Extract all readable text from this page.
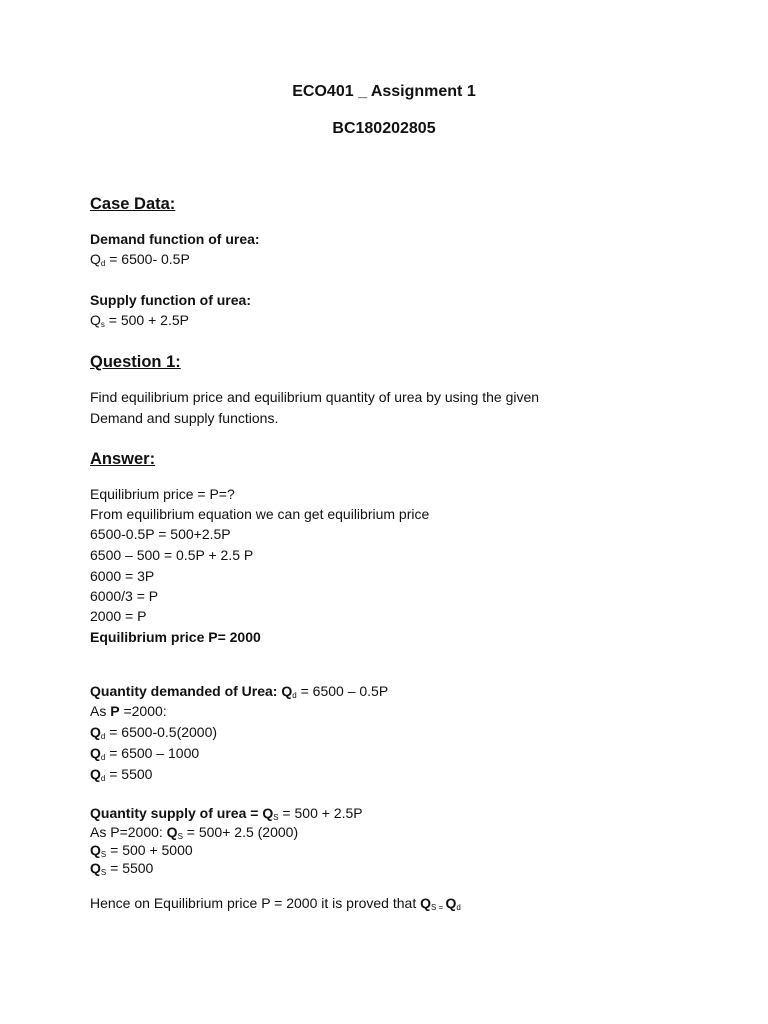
ECO401 _ Assignment 1
BC180202805
Case Data:
Demand function of urea:
$Q_d = 6500-$ 0.5P
Supply function of urea:
$Q_s = 500 + 2.5P$
Question 1:
Find equilibrium price and equilibrium quantity of urea by using the given
Demand and supply functions.
Answer:
Equilibrium price = P=?
From equilibrium equation we can get equilibrium price
6500-0.5P = 500+2.5P
6500 – 500 = 0.5P + 2.5 P
6000 = 3P
6000/3 = P
2000 = P
Equilibrium price P= 2000
Quantity demanded of Urea: $Q_d = 6500 - 0.5P$
As P =2000:
$Q_d = 6500-0.5(2000)$
$Q_d = 6500 - 1000$
$Q_d = 5500$
Quantity supply of urea = $Q_S = 500 + 2.5P$
As P=2000: $Q_S = 500+ 2.5$ (2000)
$Q_S = 500 + 5000$
$Q_S = 5500$
Hence on Equilibrium price P = 2000 it is proved that $Q_{S =}$ $Q_d$
